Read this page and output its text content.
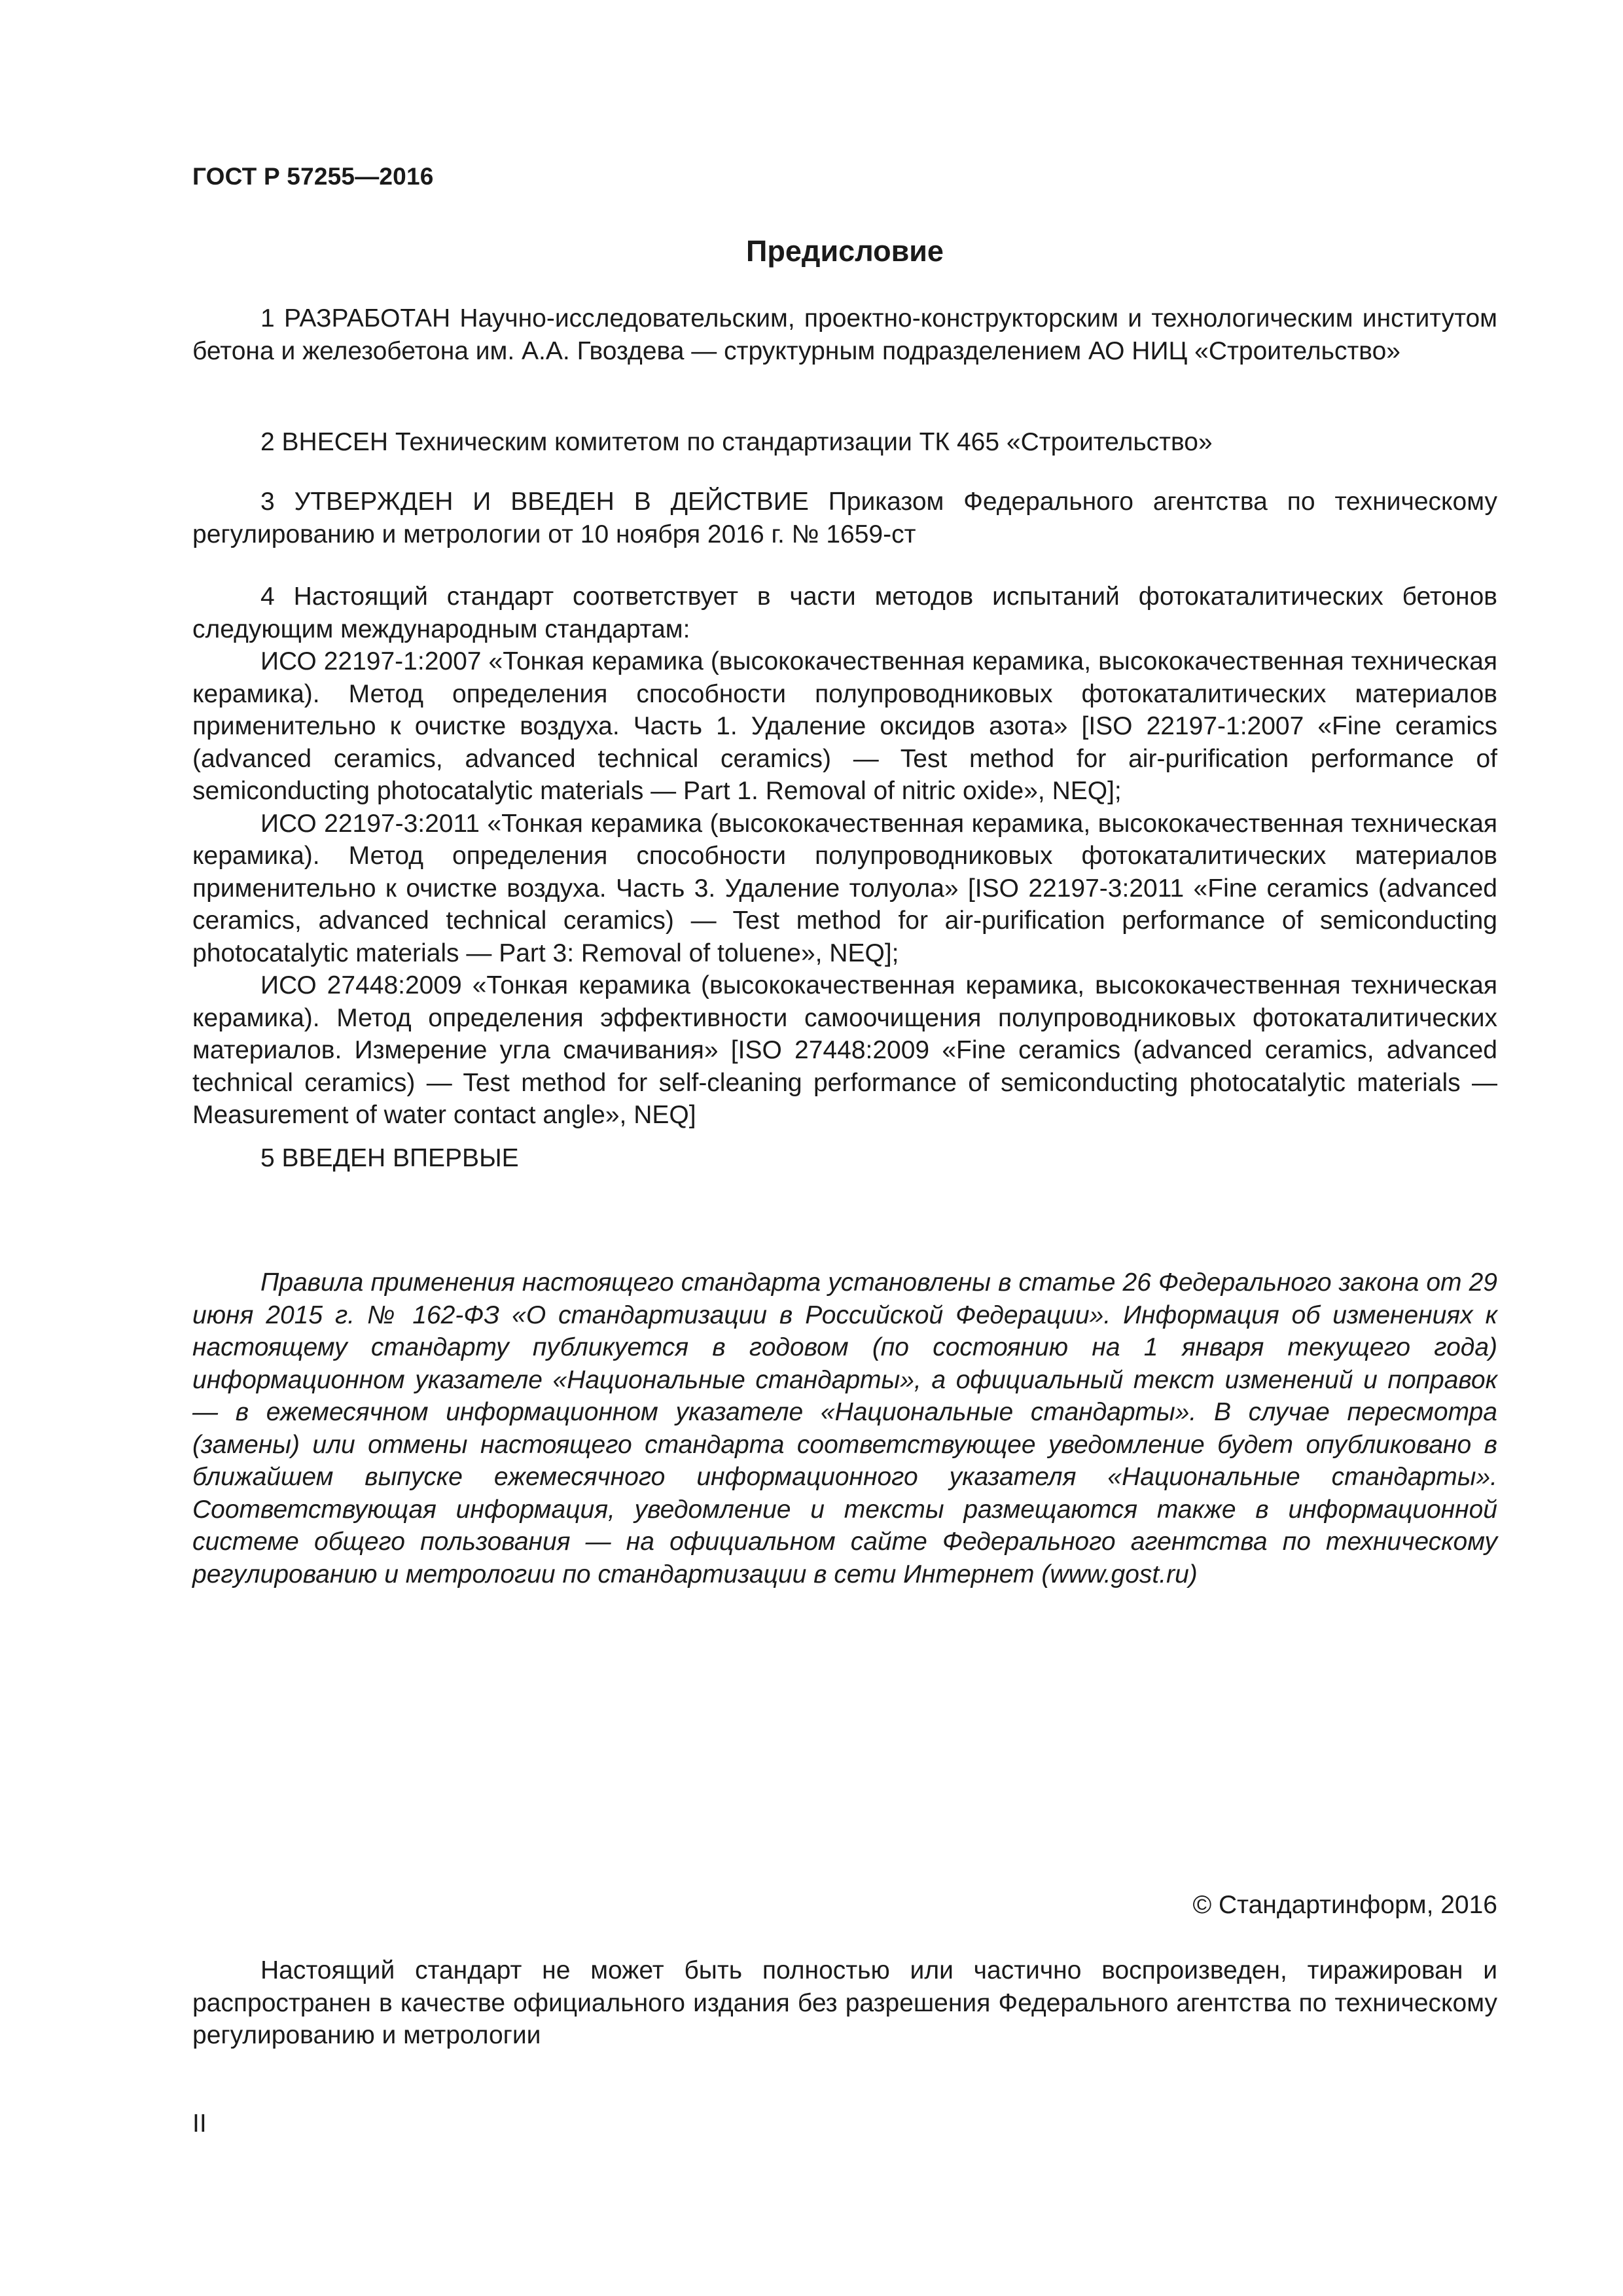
ГОСТ Р 57255—2016
Предисловие

1 РАЗРАБОТАН Научно-исследовательским, проектно-конструкторским и технологическим институтом бетона и железобетона им. А.А. Гвоздева — структурным подразделением АО НИЦ «Строительство»

2 ВНЕСЕН Техническим комитетом по стандартизации ТК 465 «Строительство»

3 УТВЕРЖДЕН И ВВЕДЕН В ДЕЙСТВИЕ Приказом Федерального агентства по техническому регулированию и метрологии от 10 ноября 2016 г. № 1659-ст

4 Настоящий стандарт соответствует в части методов испытаний фотокаталитических бетонов следующим международным стандартам:

ИСО 22197-1:2007 «Тонкая керамика (высококачественная керамика, высококачественная техническая керамика). Метод определения способности полупроводниковых фотокаталитических материалов применительно к очистке воздуха. Часть 1. Удаление оксидов азота» [ISO 22197-1:2007 «Fine ceramics (advanced ceramics, advanced technical ceramics) — Test method for air-purification performance of semiconducting photocatalytic materials — Part 1. Removal of nitric oxide», NEQ];

ИСО 22197-3:2011 «Тонкая керамика (высококачественная керамика, высококачественная техническая керамика). Метод определения способности полупроводниковых фотокаталитических материалов применительно к очистке воздуха. Часть 3. Удаление толуола» [ISO 22197-3:2011 «Fine ceramics (advanced ceramics, advanced technical ceramics) — Test method for air-purification performance of semiconducting photocatalytic materials — Part 3: Removal of toluene», NEQ];

ИСО 27448:2009 «Тонкая керамика (высококачественная керамика, высококачественная техническая керамика). Метод определения эффективности самоочищения полупроводниковых фотокаталитических материалов. Измерение угла смачивания» [ISO 27448:2009 «Fine ceramics (advanced ceramics, advanced technical ceramics) — Test method for self-cleaning performance of semiconducting photocatalytic materials — Measurement of water contact angle», NEQ]

5 ВВЕДЕН ВПЕРВЫЕ

Правила применения настоящего стандарта установлены в статье 26 Федерального закона от 29 июня 2015 г. № 162-ФЗ «О стандартизации в Российской Федерации». Информация об изменениях к настоящему стандарту публикуется в годовом (по состоянию на 1 января текущего года) информационном указателе «Национальные стандарты», а официальный текст изменений и поправок — в ежемесячном информационном указателе «Национальные стандарты». В случае пересмотра (замены) или отмены настоящего стандарта соответствующее уведомление будет опубликовано в ближайшем выпуске ежемесячного информационного указателя «Национальные стандарты». Соответствующая информация, уведомление и тексты размещаются также в информационной системе общего пользования — на официальном сайте Федерального агентства по техническому регулированию и метрологии по стандартизации в сети Интернет (www.gost.ru)

© Стандартинформ, 2016

Настоящий стандарт не может быть полностью или частично воспроизведен, тиражирован и распространен в качестве официального издания без разрешения Федерального агентства по техническому регулированию и метрологии

II
